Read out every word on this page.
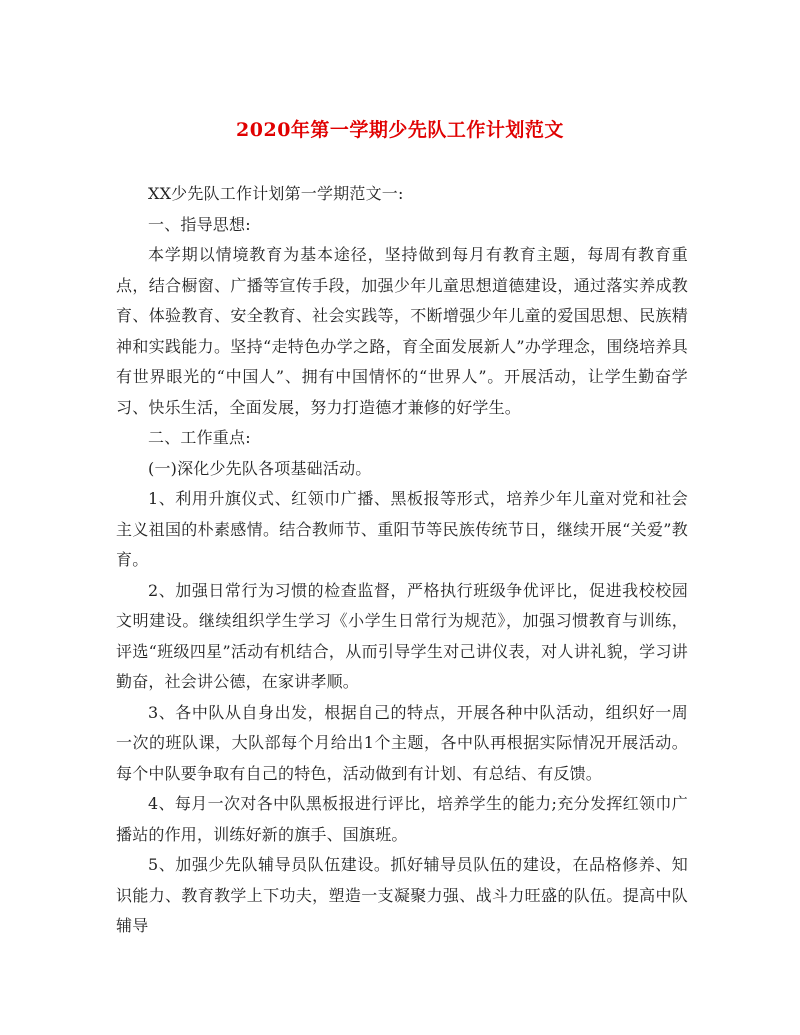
2020年第一学期少先队工作计划范文

XX少先队工作计划第一学期范文一:

一、指导思想:

本学期以情境教育为基本途径，坚持做到每月有教育主题，每周有教育重点，结合橱窗、广播等宣传手段，加强少年儿童思想道德建设，通过落实养成教育、体验教育、安全教育、社会实践等，不断增强少年儿童的爱国思想、民族精神和实践能力。坚持“走特色办学之路，育全面发展新人”办学理念，围绕培养具有世界眼光的“中国人”、拥有中国情怀的“世界人”。开展活动，让学生勤奋学习、快乐生活，全面发展，努力打造德才兼修的好学生。

二、工作重点:

(一)深化少先队各项基础活动。

1、利用升旗仪式、红领巾广播、黑板报等形式，培养少年儿童对党和社会主义祖国的朴素感情。结合教师节、重阳节等民族传统节日，继续开展“关爱”教育。

2、加强日常行为习惯的检查监督，严格执行班级争优评比，促进我校校园文明建设。继续组织学生学习《小学生日常行为规范》，加强习惯教育与训练，评选“班级四星”活动有机结合，从而引导学生对己讲仪表，对人讲礼貌，学习讲勤奋，社会讲公德，在家讲孝顺。

3、各中队从自身出发，根据自己的特点，开展各种中队活动，组织好一周一次的班队课，大队部每个月给出1个主题，各中队再根据实际情况开展活动。每个中队要争取有自己的特色，活动做到有计划、有总结、有反馈。

4、每月一次对各中队黑板报进行评比，培养学生的能力;充分发挥红领巾广播站的作用，训练好新的旗手、国旗班。

5、加强少先队辅导员队伍建设。抓好辅导员队伍的建设，在品格修养、知识能力、教育教学上下功夫，塑造一支凝聚力强、战斗力旺盛的队伍。提高中队辅导
